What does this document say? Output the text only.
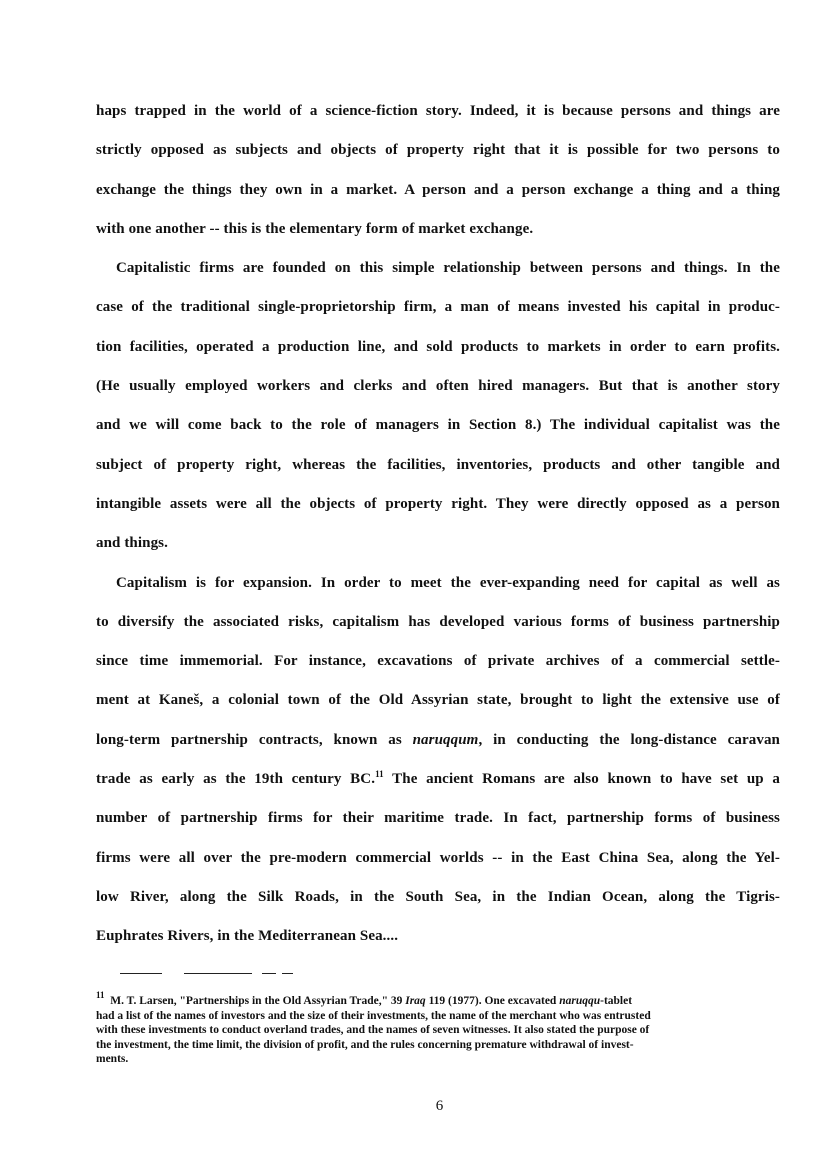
haps trapped in the world of a science-fiction story. Indeed, it is because persons and things are
strictly opposed as subjects and objects of property right that it is possible for two persons to
exchange the things they own in a market. A person and a person exchange a thing and a thing
with one another -- this is the elementary form of market exchange.

Capitalistic firms are founded on this simple relationship between persons and things. In the
case of the traditional single-proprietorship firm, a man of means invested his capital in produc-
tion facilities, operated a production line, and sold products to markets in order to earn profits.
(He usually employed workers and clerks and often hired managers. But that is another story
and we will come back to the role of managers in Section 8.) The individual capitalist was the
subject of property right, whereas the facilities, inventories, products and other tangible and
intangible assets were all the objects of property right. They were directly opposed as a person
and things.

Capitalism is for expansion. In order to meet the ever-expanding need for capital as well as
to diversify the associated risks, capitalism has developed various forms of business partnership
since time immemorial. For instance, excavations of private archives of a commercial settle-
ment at Kaneš, a colonial town of the Old Assyrian state, brought to light the extensive use of
long-term partnership contracts, known as naruqqum, in conducting the long-distance caravan
trade as early as the 19th century BC.$^{11}$ The ancient Romans are also known to have set up a
number of partnership firms for their maritime trade. In fact, partnership forms of business
firms were all over the pre-modern commercial worlds -- in the East China Sea, along the Yel-
low River, along the Silk Roads, in the South Sea, in the Indian Ocean, along the Tigris-
Euphrates Rivers, in the Mediterranean Sea....

$^{11}$ M. T. Larsen, "Partnerships in the Old Assyrian Trade," 39 Iraq 119 (1977). One excavated naruqqu-tablet
had a list of the names of investors and the size of their investments, the name of the merchant who was entrusted
with these investments to conduct overland trades, and the names of seven witnesses. It also stated the purpose of
the investment, the time limit, the division of profit, and the rules concerning premature withdrawal of invest-
ments.
6
